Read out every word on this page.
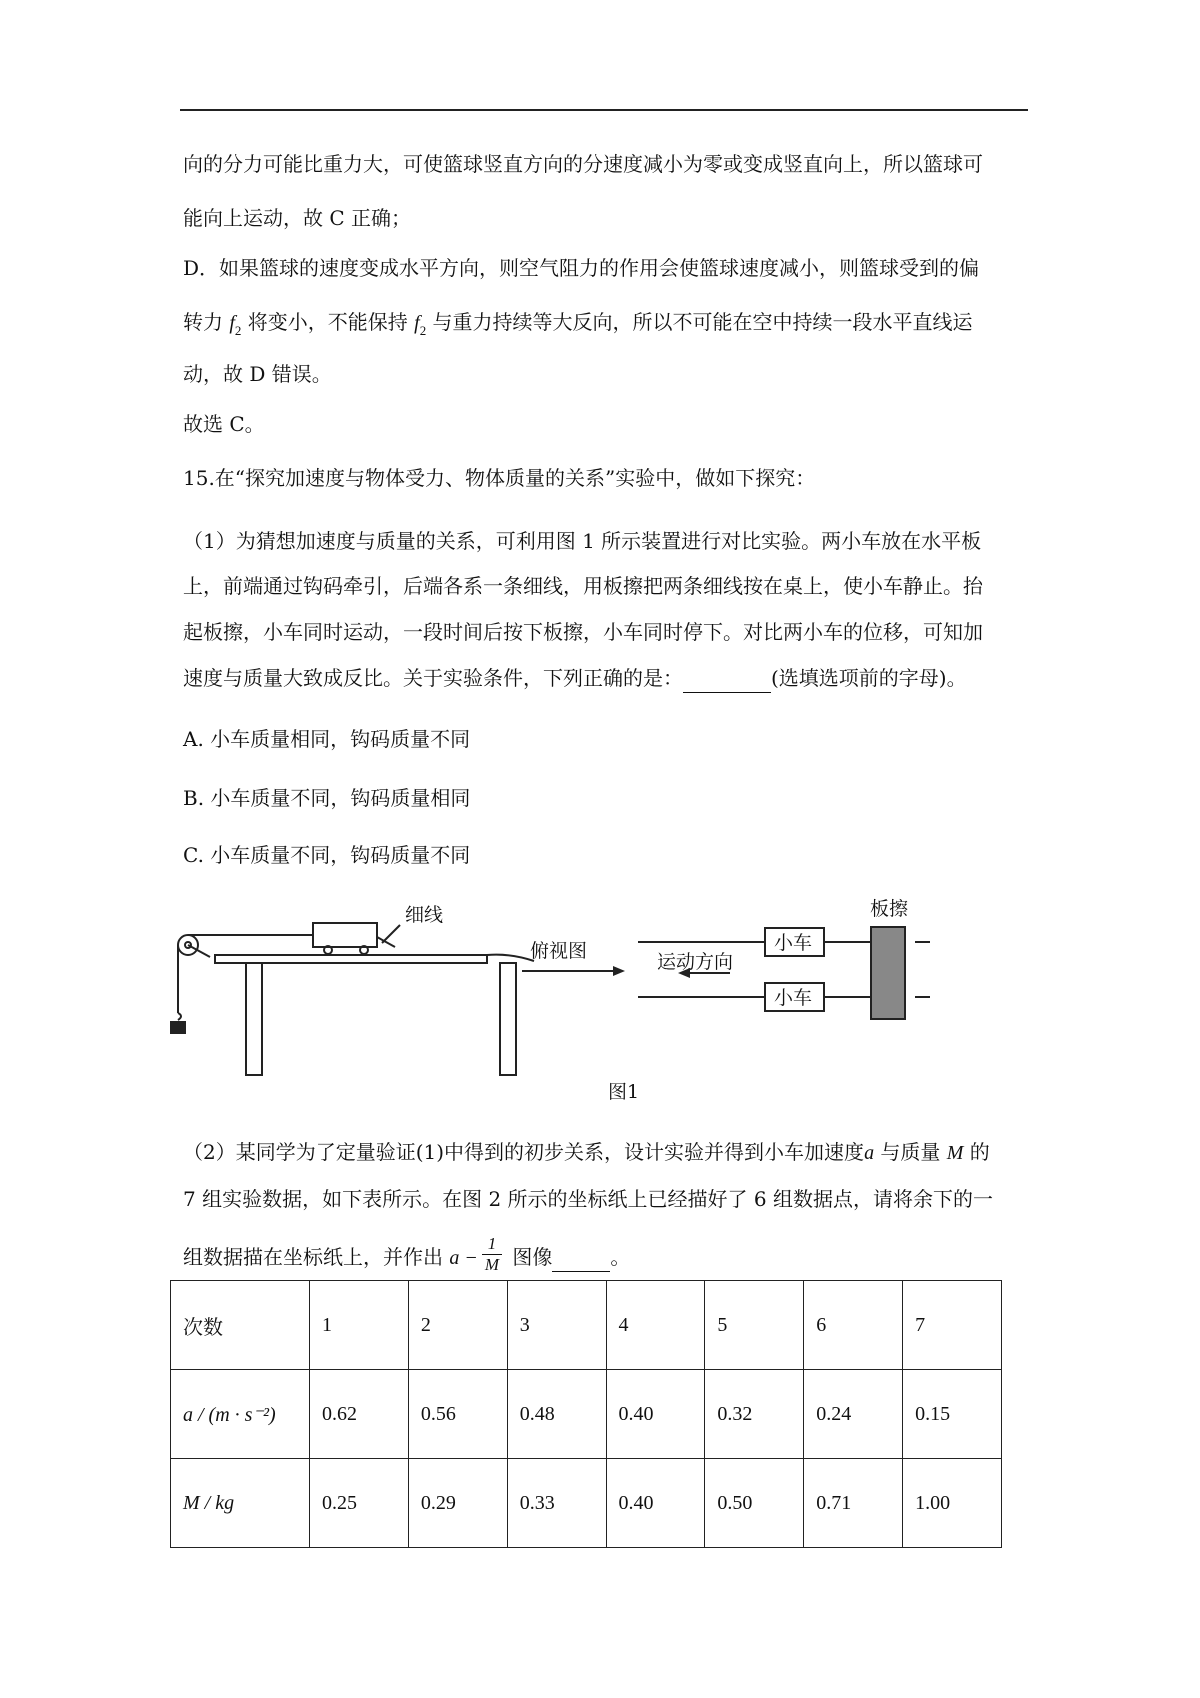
向的分力可能比重力大，可使篮球竖直方向的分速度减小为零或变成竖直向上，所以篮球可
能向上运动，故 C 正确；
D．如果篮球的速度变成水平方向，则空气阻力的作用会使篮球速度减小，则篮球受到的偏
转力 $f_2$ 将变小，不能保持 $f_2$ 与重力持续等大反向，所以不可能在空中持续一段水平直线运
动，故 D 错误。
故选 C。
15.在“探究加速度与物体受力、物体质量的关系”实验中，做如下探究：
（1）为猜想加速度与质量的关系，可利用图 1 所示装置进行对比实验。两小车放在水平板
上，前端通过钩码牵引，后端各系一条细线，用板擦把两条细线按在桌上，使小车静止。抬
起板擦，小车同时运动，一段时间后按下板擦，小车同时停下。对比两小车的位移，可知加
速度与质量大致成反比。关于实验条件，下列正确的是：	(选填选项前的字母)。
A. 小车质量相同，钩码质量不同
B. 小车质量不同，钩码质量相同
C. 小车质量不同，钩码质量不同
细线
俯视图
板擦
小车
小车
运动方向
图1
（2）某同学为了定量验证(1)中得到的初步关系，设计实验并得到小车加速度a 与质量 M 的
7 组实验数据，如下表所示。在图 2 所示的坐标纸上已经描好了 6 组数据点，请将余下的一
组数据描在坐标纸上，并作出 $a - \frac{1}{M}$ 图像	。
次数	1	2	3	4	5	6	7
a / (m · s⁻²)	0.62	0.56	0.48	0.40	0.32	0.24	0.15
M / kg	0.25	0.29	0.33	0.40	0.50	0.71	1.00
